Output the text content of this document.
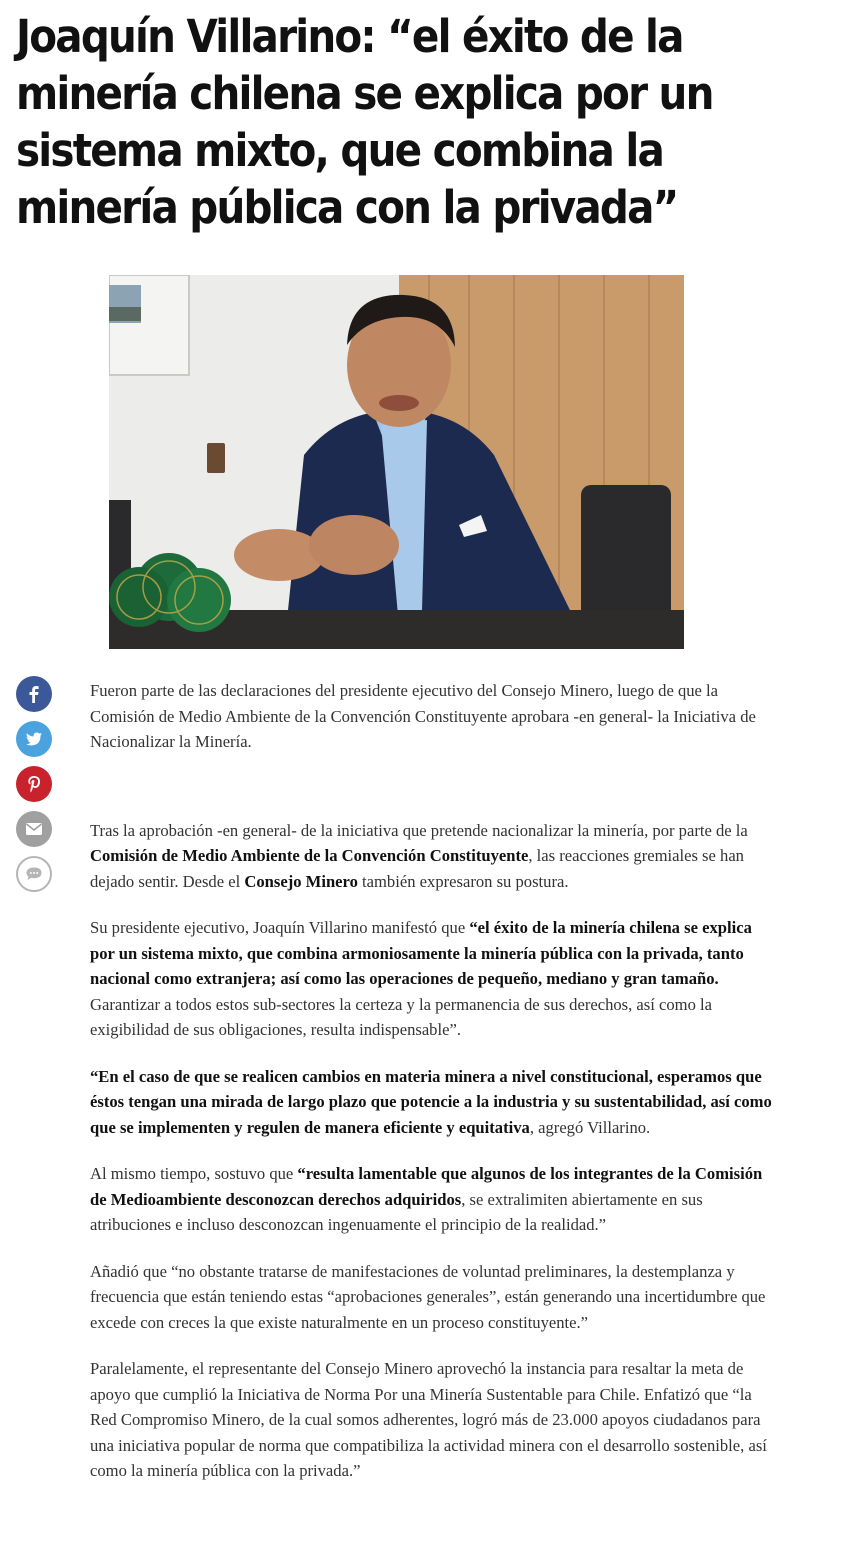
Joaquín Villarino: “el éxito de la minería chilena se explica por un sistema mixto, que combina la minería pública con la privada”

Fueron parte de las declaraciones del presidente ejecutivo del Consejo Minero, luego de que la Comisión de Medio Ambiente de la Convención Constituyente aprobara -en general- la Iniciativa de Nacionalizar la Minería.

Tras la aprobación -en general- de la iniciativa que pretende nacionalizar la minería, por parte de la Comisión de Medio Ambiente de la Convención Constituyente, las reacciones gremiales se han dejado sentir. Desde el Consejo Minero también expresaron su postura.

Su presidente ejecutivo, Joaquín Villarino manifestó que “el éxito de la minería chilena se explica por un sistema mixto, que combina armoniosamente la minería pública con la privada, tanto nacional como extranjera; así como las operaciones de pequeño, mediano y gran tamaño. Garantizar a todos estos sub-sectores la certeza y la permanencia de sus derechos, así como la exigibilidad de sus obligaciones, resulta indispensable”.

“En el caso de que se realicen cambios en materia minera a nivel constitucional, esperamos que éstos tengan una mirada de largo plazo que potencie a la industria y su sustentabilidad, así como que se implementen y regulen de manera eficiente y equitativa, agregó Villarino.

Al mismo tiempo, sostuvo que “resulta lamentable que algunos de los integrantes de la Comisión de Medioambiente desconozcan derechos adquiridos, se extralimiten abiertamente en sus atribuciones e incluso desconozcan ingenuamente el principio de la realidad.”

Añadió que “no obstante tratarse de manifestaciones de voluntad preliminares, la destemplanza y frecuencia que están teniendo estas “aprobaciones generales”, están generando una incertidumbre que excede con creces la que existe naturalmente en un proceso constituyente.”

Paralelamente, el representante del Consejo Minero aprovechó la instancia para resaltar la meta de apoyo que cumplió la Iniciativa de Norma Por una Minería Sustentable para Chile. Enfatizó que “la Red Compromiso Minero, de la cual somos adherentes, logró más de 23.000 apoyos ciudadanos para una iniciativa popular de norma que compatibiliza la actividad minera con el desarrollo sostenible, así como la minería pública con la privada.”
